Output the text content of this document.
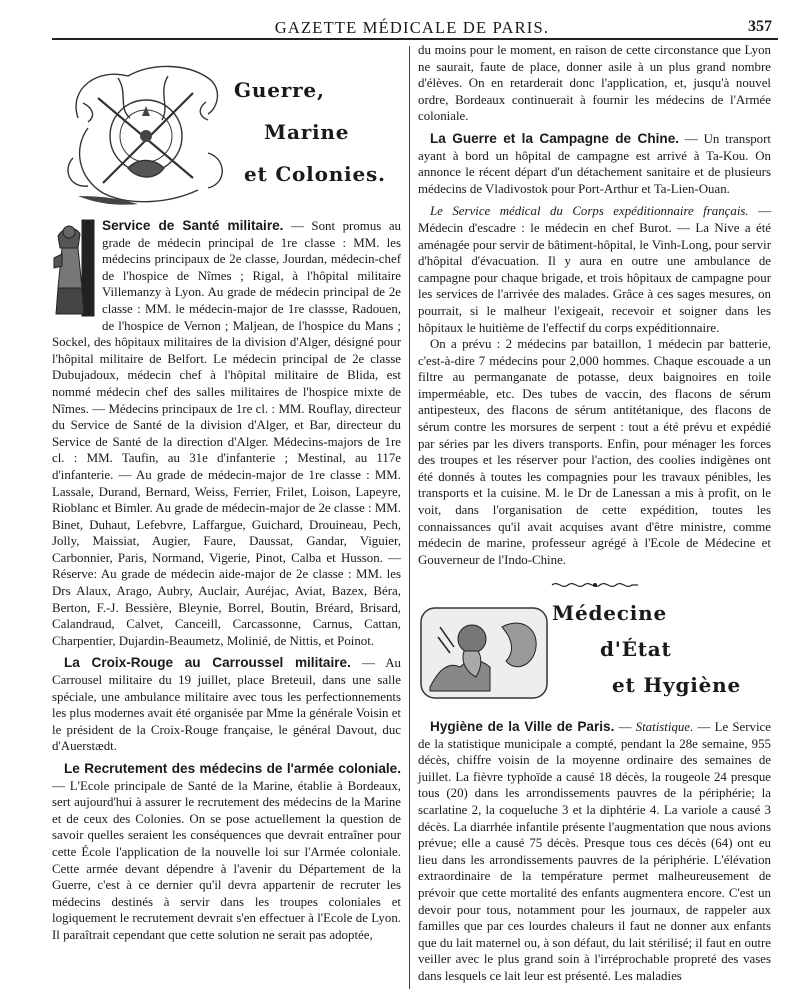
GAZETTE MÉDICALE DE PARIS.	357
Guerre,
Marine
et Colonies.

Service de Santé militaire. — Sont promus au grade de médecin principal de 1re classe : MM. les médecins principaux de 2e classe, Jourdan, médecin-chef de l'hospice de Nîmes ; Rigal, à l'hôpital militaire Villemanzy à Lyon. Au grade de médecin principal de 2e classe : MM. le médecin-major de 1re classse, Radouen, de l'hospice de Vernon ; Maljean, de l'hospice du Mans ; Sockel, des hôpitaux militaires de la division d'Alger, désigné pour l'hôpital militaire de Belfort. Le médecin principal de 2e classe Dubujadoux, médecin chef à l'hôpital militaire de Blida, est nommé médecin chef des salles militaires de l'hospice mixte de Nîmes. — Médecins principaux de 1re cl. : MM. Rouflay, directeur du Service de Santé de la division d'Alger, et Bar, directeur du Service de Santé de la direction d'Alger. Médecins-majors de 1re cl. : MM. Taufin, au 31e d'infanterie ; Mestinal, au 117e d'infanterie. — Au grade de médecin-major de 1re classe : MM. Lassale, Durand, Bernard, Weiss, Ferrier, Frilet, Loison, Lapeyre, Rioblanc et Bimler. Au grade de médecin-major de 2e classe : MM. Binet, Duhaut, Lefebvre, Laffargue, Guichard, Drouineau, Pech, Jolly, Maissiat, Augier, Faure, Daussat, Gandar, Viguier, Carbonnier, Paris, Normand, Vigerie, Pinot, Calba et Husson. —Réserve: Au grade de médecin aide-major de 2e classe : MM. les Drs Alaux, Arago, Aubry, Auclair, Auréjac, Aviat, Bazex, Béra, Berton, F.-J. Bessière, Bleynie, Borrel, Boutin, Bréard, Brisard, Calandraud, Calvet, Canceill, Carcassonne, Carnus, Cattan, Charpentier, Dujardin-Beaumetz, Molinié, de Nittis, et Poinot.

La Croix-Rouge au Carroussel militaire. — Au Carrousel militaire du 19 juillet, place Breteuil, dans une salle spéciale, une ambulance militaire avec tous les perfectionnements les plus modernes avait été organisée par Mme la générale Voisin et le président de la Croix-Rouge française, le général Davout, duc d'Auerstædt.

Le Recrutement des médecins de l'armée coloniale. — L'Ecole principale de Santé de la Marine, établie à Bordeaux, sert aujourd'hui à assurer le recrutement des médecins de la Marine et de ceux des Colonies. On se pose actuellement la question de savoir quelles seraient les conséquences que devrait entraîner pour cette École l'application de la nouvelle loi sur l'Armée coloniale. Cette armée devant dépendre à l'avenir du Département de la Guerre, c'est à ce dernier qu'il devra appartenir de recruter les médecins destinés à servir dans les troupes coloniales et logiquement le recrutement devrait s'en effectuer à l'Ecole de Lyon. Il paraîtrait cependant que cette solution ne serait pas adoptée,

du moins pour le moment, en raison de cette circonstance que Lyon ne saurait, faute de place, donner asile à un plus grand nombre d'élèves. On en retarderait donc l'application, et, jusqu'à nouvel ordre, Bordeaux continuerait à fournir les médecins de l'Armée coloniale.

La Guerre et la Campagne de Chine. — Un transport ayant à bord un hôpital de campagne est arrivé à Ta-Kou. On annonce le récent départ d'un détachement sanitaire et de plusieurs médecins de Vladivostok pour Port-Arthur et Ta-Lien-Ouan.

Le Service médical du Corps expéditionnaire français. — Médecin d'escadre : le médecin en chef Burot. — La Nive a été aménagée pour servir de bâtiment-hôpital, le Vinh-Long, pour servir d'hôpital d'évacuation. Il y aura en outre une ambulance de campagne pour chaque brigade, et trois hôpitaux de campagne pour les services de l'arrivée des malades. Grâce à ces sages mesures, on pourrait, si le malheur l'exigeait, recevoir et soigner dans les hôpitaux le huitième de l'effectif du corps expéditionnaire.

On a prévu : 2 médecins par bataillon, 1 médecin par batterie, c'est-à-dire 7 médecins pour 2,000 hommes. Chaque escouade a un filtre au permanganate de potasse, deux baignoires en toile imperméable, etc. Des tubes de vaccin, des flacons de sérum antipesteux, des flacons de sérum antitétanique, des flacons de sérum contre les morsures de serpent : tout a été prévu et expédié par séries par les divers transports. Enfin, pour ménager les forces des troupes et les réserver pour l'action, des coolies indigènes ont été donnés à toutes les compagnies pour les travaux pénibles, les transports et la cuisine. M. le Dr de Lanessan a mis à profit, on le voit, dans l'organisation de cette expédition, toutes les connaissances qu'il avait acquises avant d'être ministre, comme médecin de marine, professeur agrégé à l'Ecole de Médecine et Gouverneur de l'Indo-Chine.

Médecine
d'État
et Hygiène

Hygiène de la Ville de Paris. — Statistique. — Le Service de la statistique municipale a compté, pendant la 28e semaine, 955 décès, chiffre voisin de la moyenne ordinaire des semaines de juillet. La fièvre typhoïde a causé 18 décès, la rougeole 24 presque tous (20) dans les arrondissements pauvres de la périphérie; la scarlatine 2, la coqueluche 3 et la diphtérie 4. La variole a causé 3 décès. La diarrhée infantile présente l'augmentation que nous avions prévue; elle a causé 75 décès. Presque tous ces décès (64) ont eu lieu dans les arrondissements pauvres de la périphérie. L'élévation extraordinaire de la température permet malheureusement de prévoir que cette mortalité des enfants augmentera encore. C'est un devoir pour tous, notamment pour les journaux, de rappeler aux familles que par ces lourdes chaleurs il faut ne donner aux enfants que du lait maternel ou, à son défaut, du lait stérilisé; il faut en outre veiller avec le plus grand soin à l'irréprochable propreté des vases dans lesquels ce lait leur est présenté. Les maladies
